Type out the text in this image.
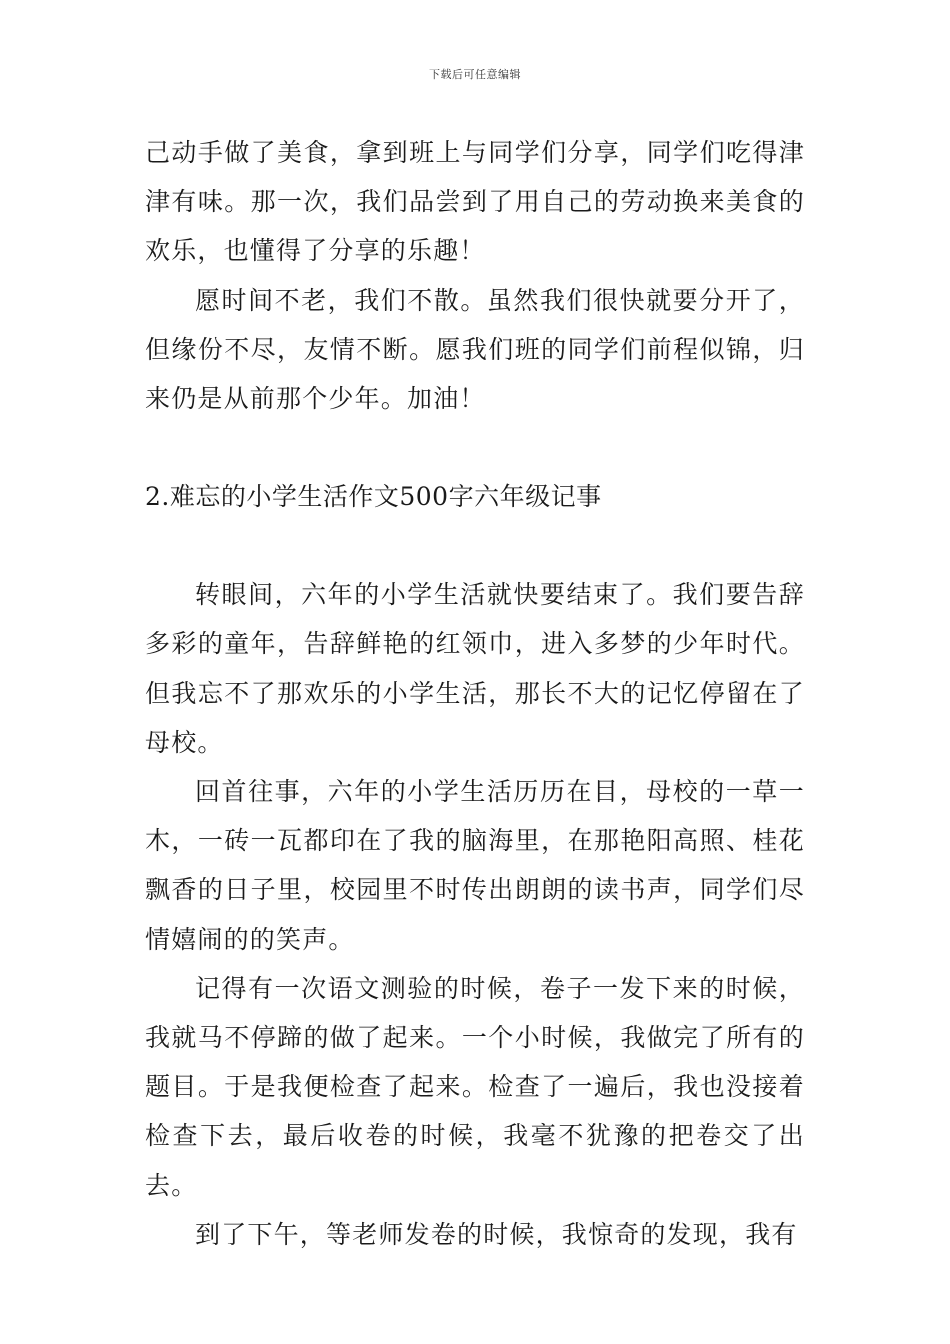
下载后可任意编辑

己动手做了美食，拿到班上与同学们分享，同学们吃得津津有味。那一次，我们品尝到了用自己的劳动换来美食的欢乐，也懂得了分享的乐趣！

愿时间不老，我们不散。虽然我们很快就要分开了，但缘份不尽，友情不断。愿我们班的同学们前程似锦，归来仍是从前那个少年。加油！

2.难忘的小学生活作文500字六年级记事

转眼间，六年的小学生活就快要结束了。我们要告辞多彩的童年，告辞鲜艳的红领巾，进入多梦的少年时代。但我忘不了那欢乐的小学生活，那长不大的记忆停留在了母校。

回首往事，六年的小学生活历历在目，母校的一草一木，一砖一瓦都印在了我的脑海里，在那艳阳高照、桂花飘香的日子里，校园里不时传出朗朗的读书声，同学们尽情嬉闹的的笑声。

记得有一次语文测验的时候，卷子一发下来的时候，我就马不停蹄的做了起来。一个小时候，我做完了所有的题目。于是我便检查了起来。检查了一遍后，我也没接着检查下去，最后收卷的时候，我毫不犹豫的把卷交了出去。

到了下午，等老师发卷的时候，我惊奇的发现，我有
